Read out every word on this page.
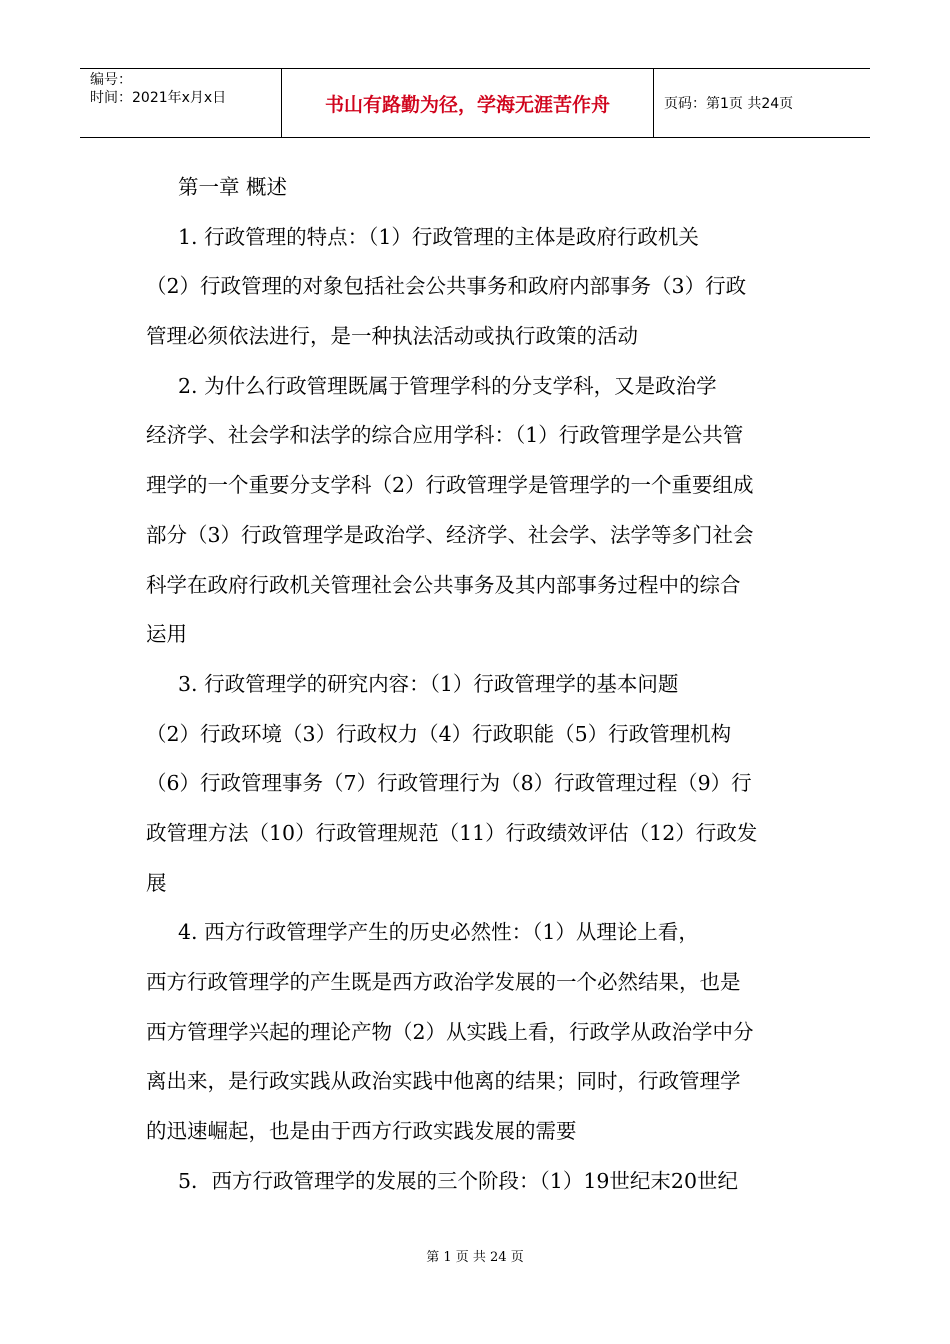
编号：
时间：2021年x月x日	书山有路勤为径，学海无涯苦作舟	页码：第1页 共24页
第一章 概述
1. 行政管理的特点：（1）行政管理的主体是政府行政机关
（2）行政管理的对象包括社会公共事务和政府内部事务（3）行政
管理必须依法进行，是一种执法活动或执行政策的活动
2. 为什么行政管理既属于管理学科的分支学科，又是政治学
经济学、社会学和法学的综合应用学科：（1）行政管理学是公共管
理学的一个重要分支学科（2）行政管理学是管理学的一个重要组成
部分（3）行政管理学是政治学、经济学、社会学、法学等多门社会
科学在政府行政机关管理社会公共事务及其内部事务过程中的综合
运用
3. 行政管理学的研究内容：（1）行政管理学的基本问题
（2）行政环境（3）行政权力（4）行政职能（5）行政管理机构
（6）行政管理事务（7）行政管理行为（8）行政管理过程（9）行
政管理方法（10）行政管理规范（11）行政绩效评估（12）行政发
展
4. 西方行政管理学产生的历史必然性：（1）从理论上看，
西方行政管理学的产生既是西方政治学发展的一个必然结果，也是
西方管理学兴起的理论产物（2）从实践上看，行政学从政治学中分
离出来，是行政实践从政治实践中他离的结果；同时，行政管理学
的迅速崛起，也是由于西方行政实践发展的需要
5．西方行政管理学的发展的三个阶段：（1）19世纪末20世纪
第 1 页 共 24 页
